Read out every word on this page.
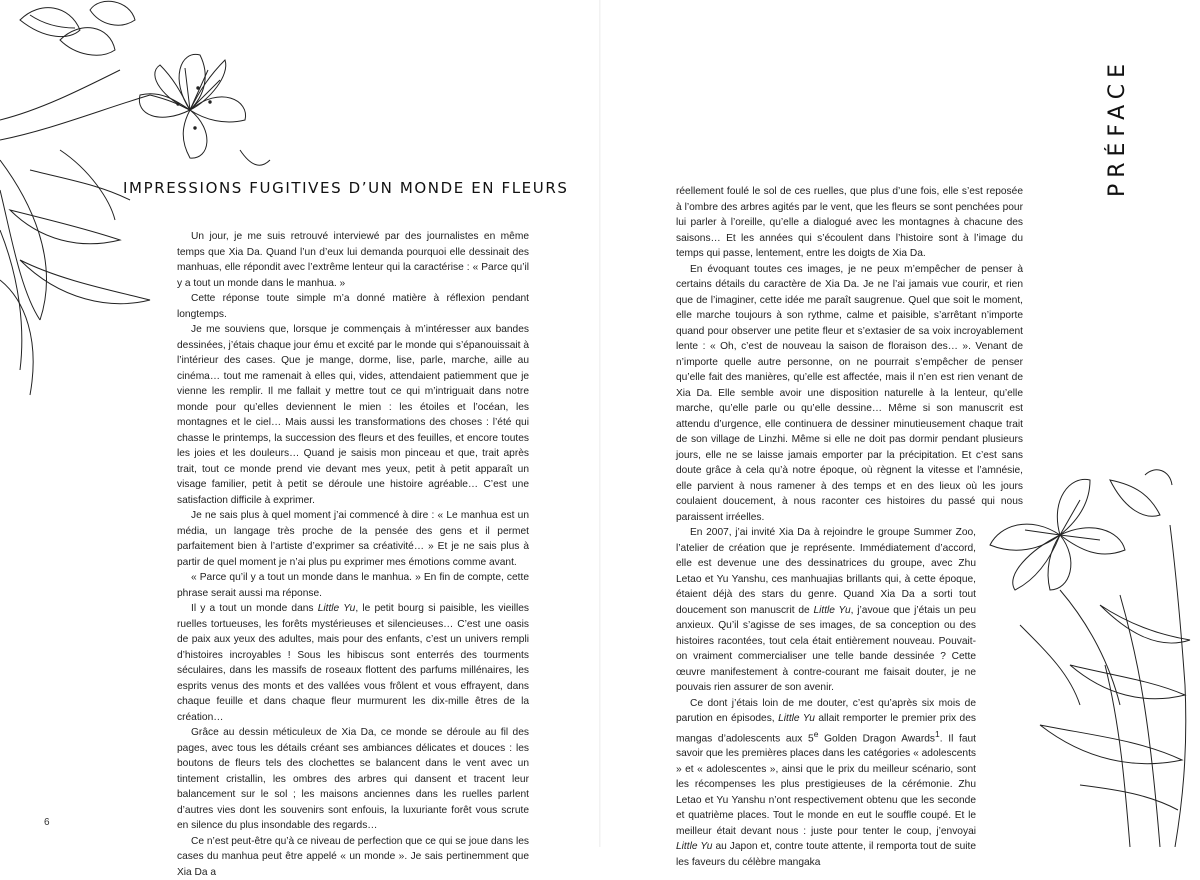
IMPRESSIONS FUGITIVES D’UN MONDE EN FLEURS

Un jour, je me suis retrouvé interviewé par des journalistes en même temps que Xia Da. Quand l’un d’eux lui demanda pourquoi elle dessinait des manhuas, elle répondit avec l’extrême lenteur qui la caractérise : « Parce qu’il y a tout un monde dans le manhua. »

Cette réponse toute simple m’a donné matière à réflexion pendant longtemps.

Je me souviens que, lorsque je commençais à m’intéresser aux bandes dessinées, j’étais chaque jour ému et excité par le monde qui s’épanouissait à l’intérieur des cases. Que je mange, dorme, lise, parle, marche, aille au cinéma… tout me ramenait à elles qui, vides, attendaient patiemment que je vienne les remplir. Il me fallait y mettre tout ce qui m’intriguait dans notre monde pour qu’elles deviennent le mien : les étoiles et l’océan, les montagnes et le ciel… Mais aussi les transformations des choses : l’été qui chasse le printemps, la succession des fleurs et des feuilles, et encore toutes les joies et les douleurs… Quand je saisis mon pinceau et que, trait après trait, tout ce monde prend vie devant mes yeux, petit à petit apparaît un visage familier, petit à petit se déroule une histoire agréable… C’est une satisfaction difficile à exprimer.

Je ne sais plus à quel moment j’ai commencé à dire : « Le manhua est un média, un langage très proche de la pensée des gens et il permet parfaitement bien à l’artiste d’exprimer sa créativité… » Et je ne sais plus à partir de quel moment je n’ai plus pu exprimer mes émotions comme avant.

« Parce qu’il y a tout un monde dans le manhua. » En fin de compte, cette phrase serait aussi ma réponse.

Il y a tout un monde dans Little Yu, le petit bourg si paisible, les vieilles ruelles tortueuses, les forêts mystérieuses et silencieuses… C’est une oasis de paix aux yeux des adultes, mais pour des enfants, c’est un univers rempli d’histoires incroyables ! Sous les hibiscus sont enterrés des tourments séculaires, dans les massifs de roseaux flottent des parfums millénaires, les esprits venus des monts et des vallées vous frôlent et vous effrayent, dans chaque feuille et dans chaque fleur murmurent les dix-mille êtres de la création…

Grâce au dessin méticuleux de Xia Da, ce monde se déroule au fil des pages, avec tous les détails créant ses ambiances délicates et douces : les boutons de fleurs tels des clochettes se balancent dans le vent avec un tintement cristallin, les ombres des arbres qui dansent et tracent leur balancement sur le sol ; les maisons anciennes dans les ruelles parlent d’autres vies dont les souvenirs sont enfouis, la luxuriante forêt vous scrute en silence du plus insondable des regards…

Ce n’est peut-être qu’à ce niveau de perfection que ce qui se joue dans les cases du manhua peut être appelé « un monde ». Je sais pertinemment que Xia Da a

6
PRÉFACE

réellement foulé le sol de ces ruelles, que plus d’une fois, elle s’est reposée à l’ombre des arbres agités par le vent, que les fleurs se sont penchées pour lui parler à l’oreille, qu’elle a dialogué avec les montagnes à chacune des saisons… Et les années qui s’écoulent dans l’histoire sont à l’image du temps qui passe, lentement, entre les doigts de Xia Da.

En évoquant toutes ces images, je ne peux m’empêcher de penser à certains détails du caractère de Xia Da. Je ne l’ai jamais vue courir, et rien que de l’imaginer, cette idée me paraît saugrenue. Quel que soit le moment, elle marche toujours à son rythme, calme et paisible, s’arrêtant n’importe quand pour observer une petite fleur et s’extasier de sa voix incroyablement lente : « Oh, c’est de nouveau la saison de floraison des… ». Venant de n’importe quelle autre personne, on ne pourrait s’empêcher de penser qu’elle fait des manières, qu’elle est affectée, mais il n’en est rien venant de Xia Da. Elle semble avoir une disposition naturelle à la lenteur, qu’elle marche, qu’elle parle ou qu’elle dessine… Même si son manuscrit est attendu d’urgence, elle continuera de dessiner minutieusement chaque trait de son village de Linzhi. Même si elle ne doit pas dormir pendant plusieurs jours, elle ne se laisse jamais emporter par la précipitation. Et c’est sans doute grâce à cela qu’à notre époque, où règnent la vitesse et l’amnésie, elle parvient à nous ramener à des temps et en des lieux où les jours coulaient doucement, à nous raconter ces histoires du passé qui nous paraissent irréelles.

En 2007, j’ai invité Xia Da à rejoindre le groupe Summer Zoo, l’atelier de création que je représente. Immédiatement d’accord, elle est devenue une des dessinatrices du groupe, avec Zhu Letao et Yu Yanshu, ces manhuajias brillants qui, à cette époque, étaient déjà des stars du genre. Quand Xia Da a sorti tout doucement son manuscrit de Little Yu, j’avoue que j’étais un peu anxieux. Qu’il s’agisse de ses images, de sa conception ou des histoires racontées, tout cela était entièrement nouveau. Pouvait-on vraiment commercialiser une telle bande dessinée ? Cette œuvre manifestement à contre-courant me faisait douter, je ne pouvais rien assurer de son avenir.

Ce dont j’étais loin de me douter, c’est qu’après six mois de parution en épisodes, Little Yu allait remporter le premier prix des mangas d’adolescents aux 5e Golden Dragon Awards$^1$. Il faut savoir que les premières places dans les catégories « adolescents » et « adolescentes », ainsi que le prix du meilleur scénario, sont les récompenses les plus prestigieuses de la cérémonie. Zhu Letao et Yu Yanshu n’ont respectivement obtenu que les seconde et quatrième places. Tout le monde en eut le souffle coupé. Et le meilleur était devant nous : juste pour tenter le coup, j’envoyai Little Yu au Japon et, contre toute attente, il remporta tout de suite les faveurs du célèbre mangaka
